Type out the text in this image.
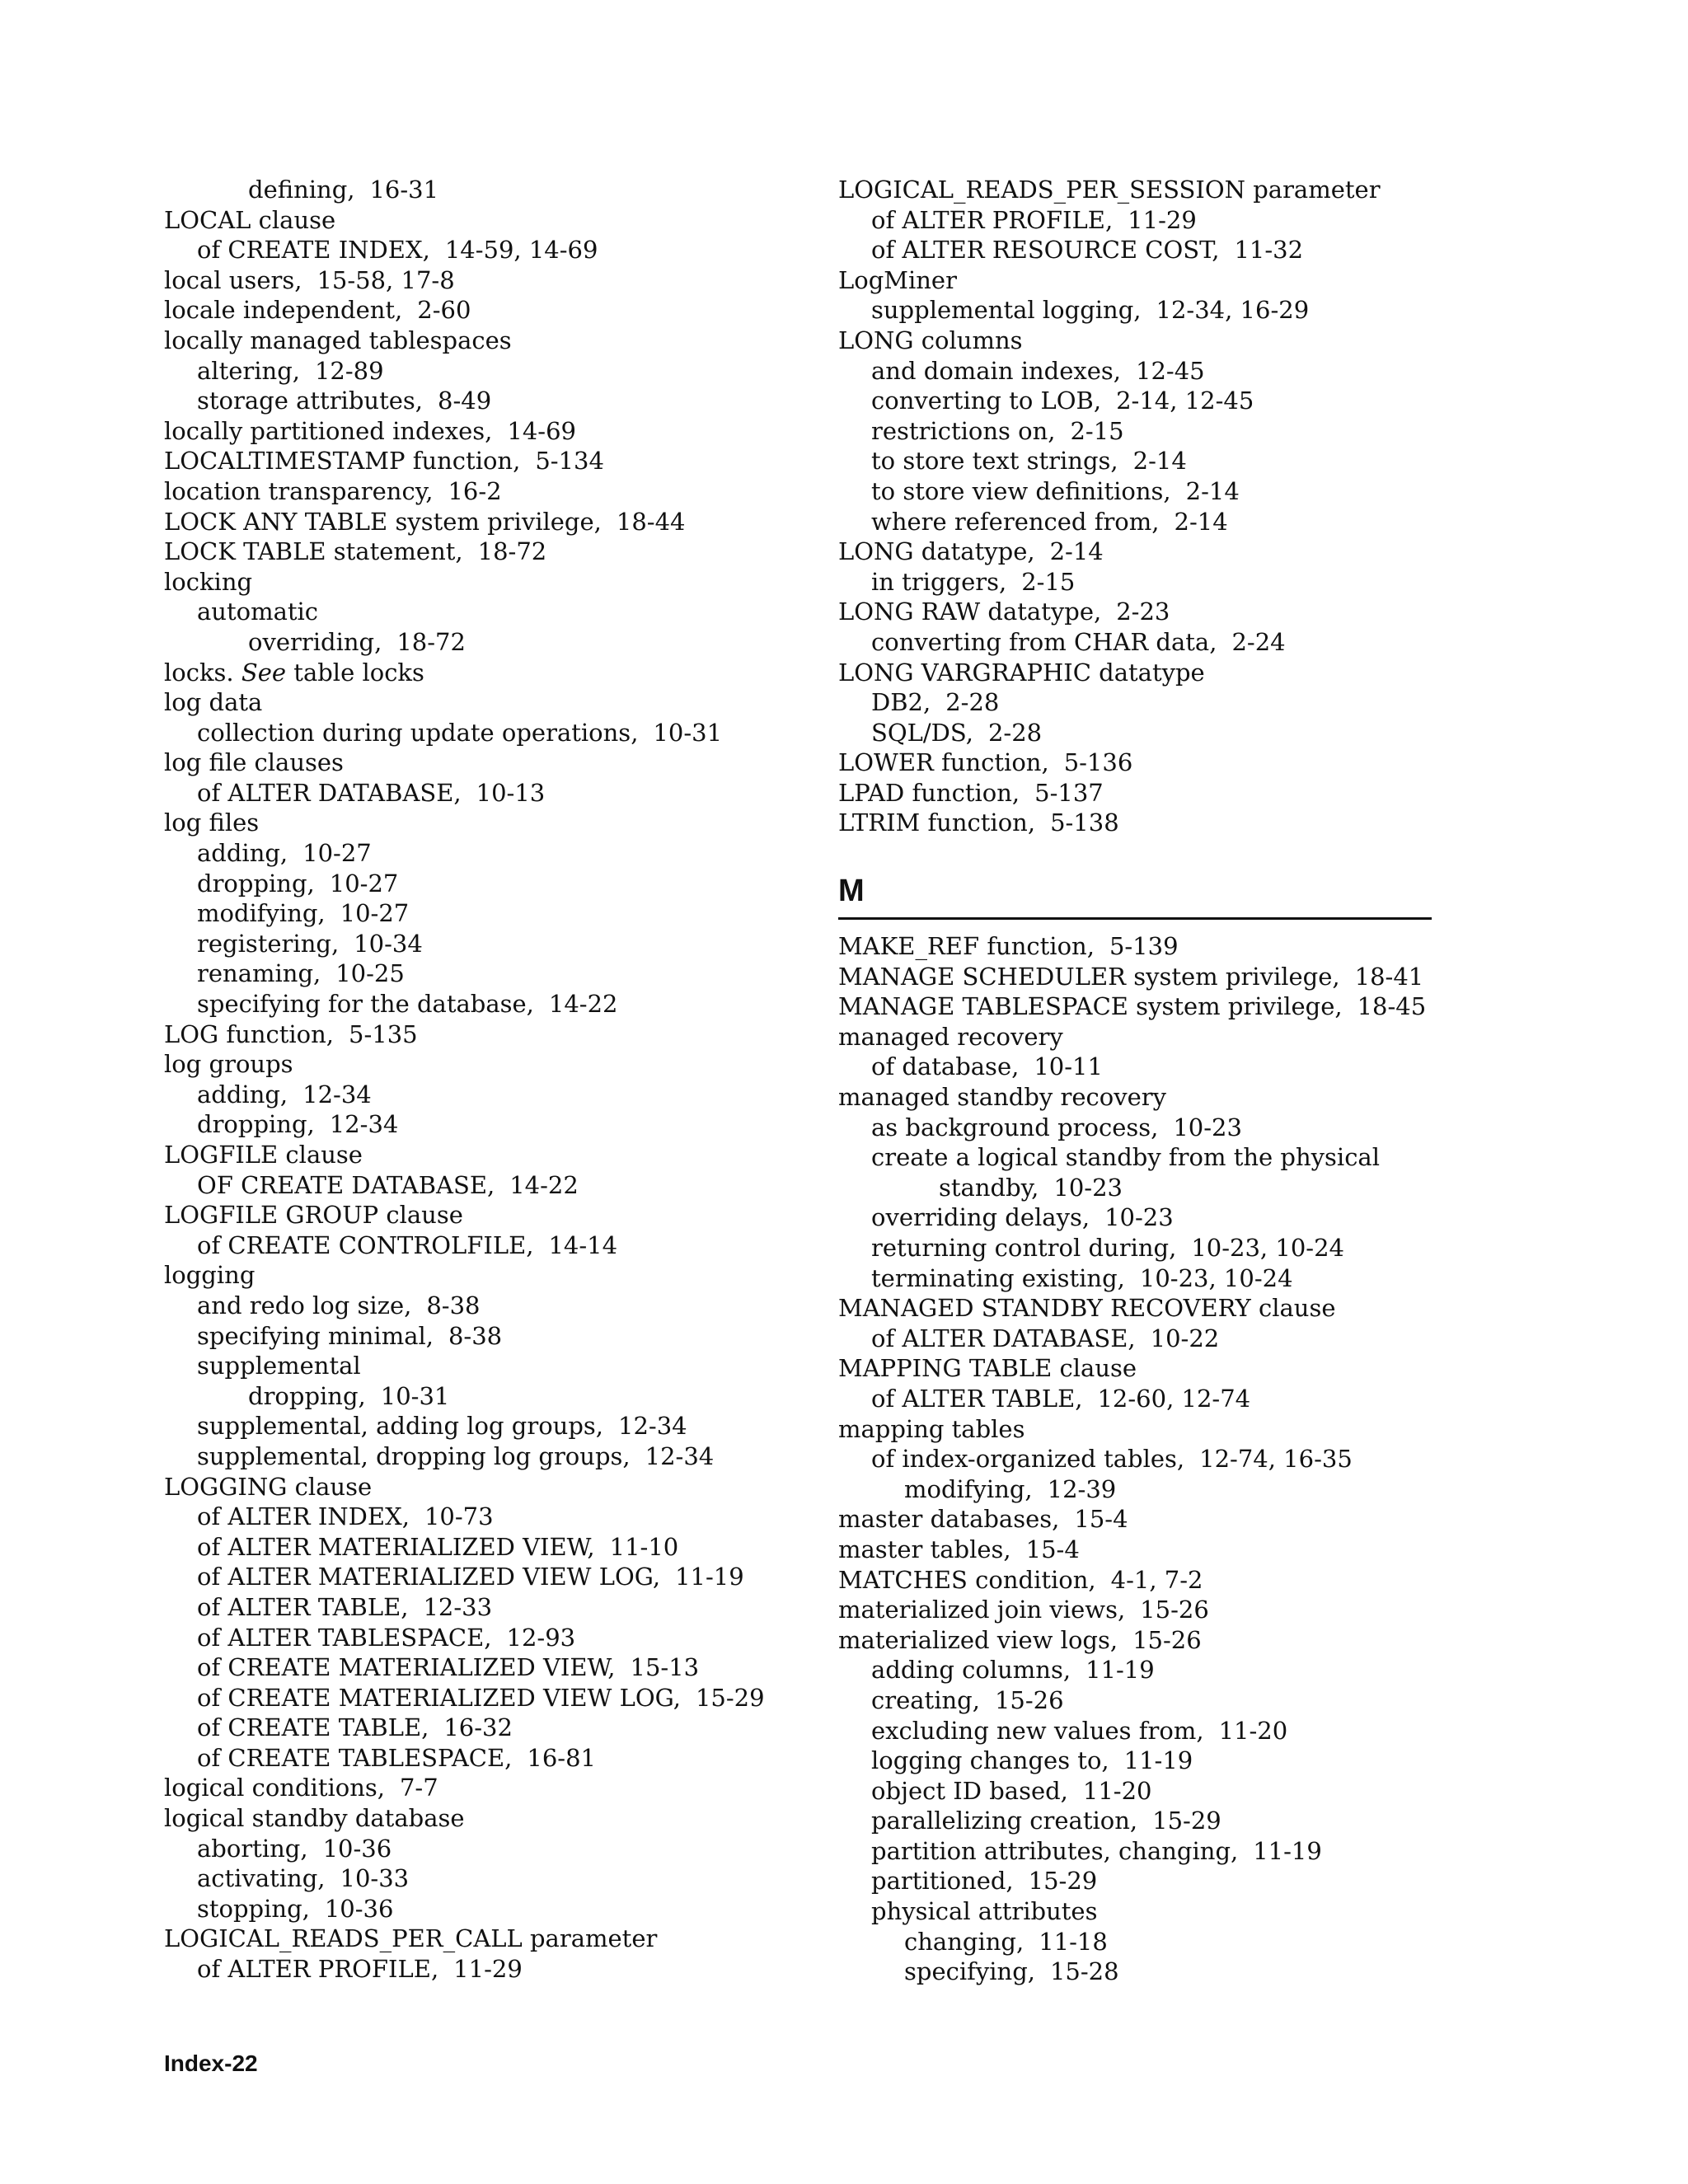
defining, 16-31
LOCAL clause
of CREATE INDEX, 14-59, 14-69
local users, 15-58, 17-8
locale independent, 2-60
locally managed tablespaces
altering, 12-89
storage attributes, 8-49
locally partitioned indexes, 14-69
LOCALTIMESTAMP function, 5-134
location transparency, 16-2
LOCK ANY TABLE system privilege, 18-44
LOCK TABLE statement, 18-72
locking
automatic
overriding, 18-72
locks. See table locks
log data
collection during update operations, 10-31
log file clauses
of ALTER DATABASE, 10-13
log files
adding, 10-27
dropping, 10-27
modifying, 10-27
registering, 10-34
renaming, 10-25
specifying for the database, 14-22
LOG function, 5-135
log groups
adding, 12-34
dropping, 12-34
LOGFILE clause
OF CREATE DATABASE, 14-22
LOGFILE GROUP clause
of CREATE CONTROLFILE, 14-14
logging
and redo log size, 8-38
specifying minimal, 8-38
supplemental
dropping, 10-31
supplemental, adding log groups, 12-34
supplemental, dropping log groups, 12-34
LOGGING clause
of ALTER INDEX, 10-73
of ALTER MATERIALIZED VIEW, 11-10
of ALTER MATERIALIZED VIEW LOG, 11-19
of ALTER TABLE, 12-33
of ALTER TABLESPACE, 12-93
of CREATE MATERIALIZED VIEW, 15-13
of CREATE MATERIALIZED VIEW LOG, 15-29
of CREATE TABLE, 16-32
of CREATE TABLESPACE, 16-81
logical conditions, 7-7
logical standby database
aborting, 10-36
activating, 10-33
stopping, 10-36
LOGICAL_READS_PER_CALL parameter
of ALTER PROFILE, 11-29
LOGICAL_READS_PER_SESSION parameter
of ALTER PROFILE, 11-29
of ALTER RESOURCE COST, 11-32
LogMiner
supplemental logging, 12-34, 16-29
LONG columns
and domain indexes, 12-45
converting to LOB, 2-14, 12-45
restrictions on, 2-15
to store text strings, 2-14
to store view definitions, 2-14
where referenced from, 2-14
LONG datatype, 2-14
in triggers, 2-15
LONG RAW datatype, 2-23
converting from CHAR data, 2-24
LONG VARGRAPHIC datatype
DB2, 2-28
SQL/DS, 2-28
LOWER function, 5-136
LPAD function, 5-137
LTRIM function, 5-138
M
MAKE_REF function, 5-139
MANAGE SCHEDULER system privilege, 18-41
MANAGE TABLESPACE system privilege, 18-45
managed recovery
of database, 10-11
managed standby recovery
as background process, 10-23
create a logical standby from the physical
standby, 10-23
overriding delays, 10-23
returning control during, 10-23, 10-24
terminating existing, 10-23, 10-24
MANAGED STANDBY RECOVERY clause
of ALTER DATABASE, 10-22
MAPPING TABLE clause
of ALTER TABLE, 12-60, 12-74
mapping tables
of index-organized tables, 12-74, 16-35
modifying, 12-39
master databases, 15-4
master tables, 15-4
MATCHES condition, 4-1, 7-2
materialized join views, 15-26
materialized view logs, 15-26
adding columns, 11-19
creating, 15-26
excluding new values from, 11-20
logging changes to, 11-19
object ID based, 11-20
parallelizing creation, 15-29
partition attributes, changing, 11-19
partitioned, 15-29
physical attributes
changing, 11-18
specifying, 15-28
Index-22
